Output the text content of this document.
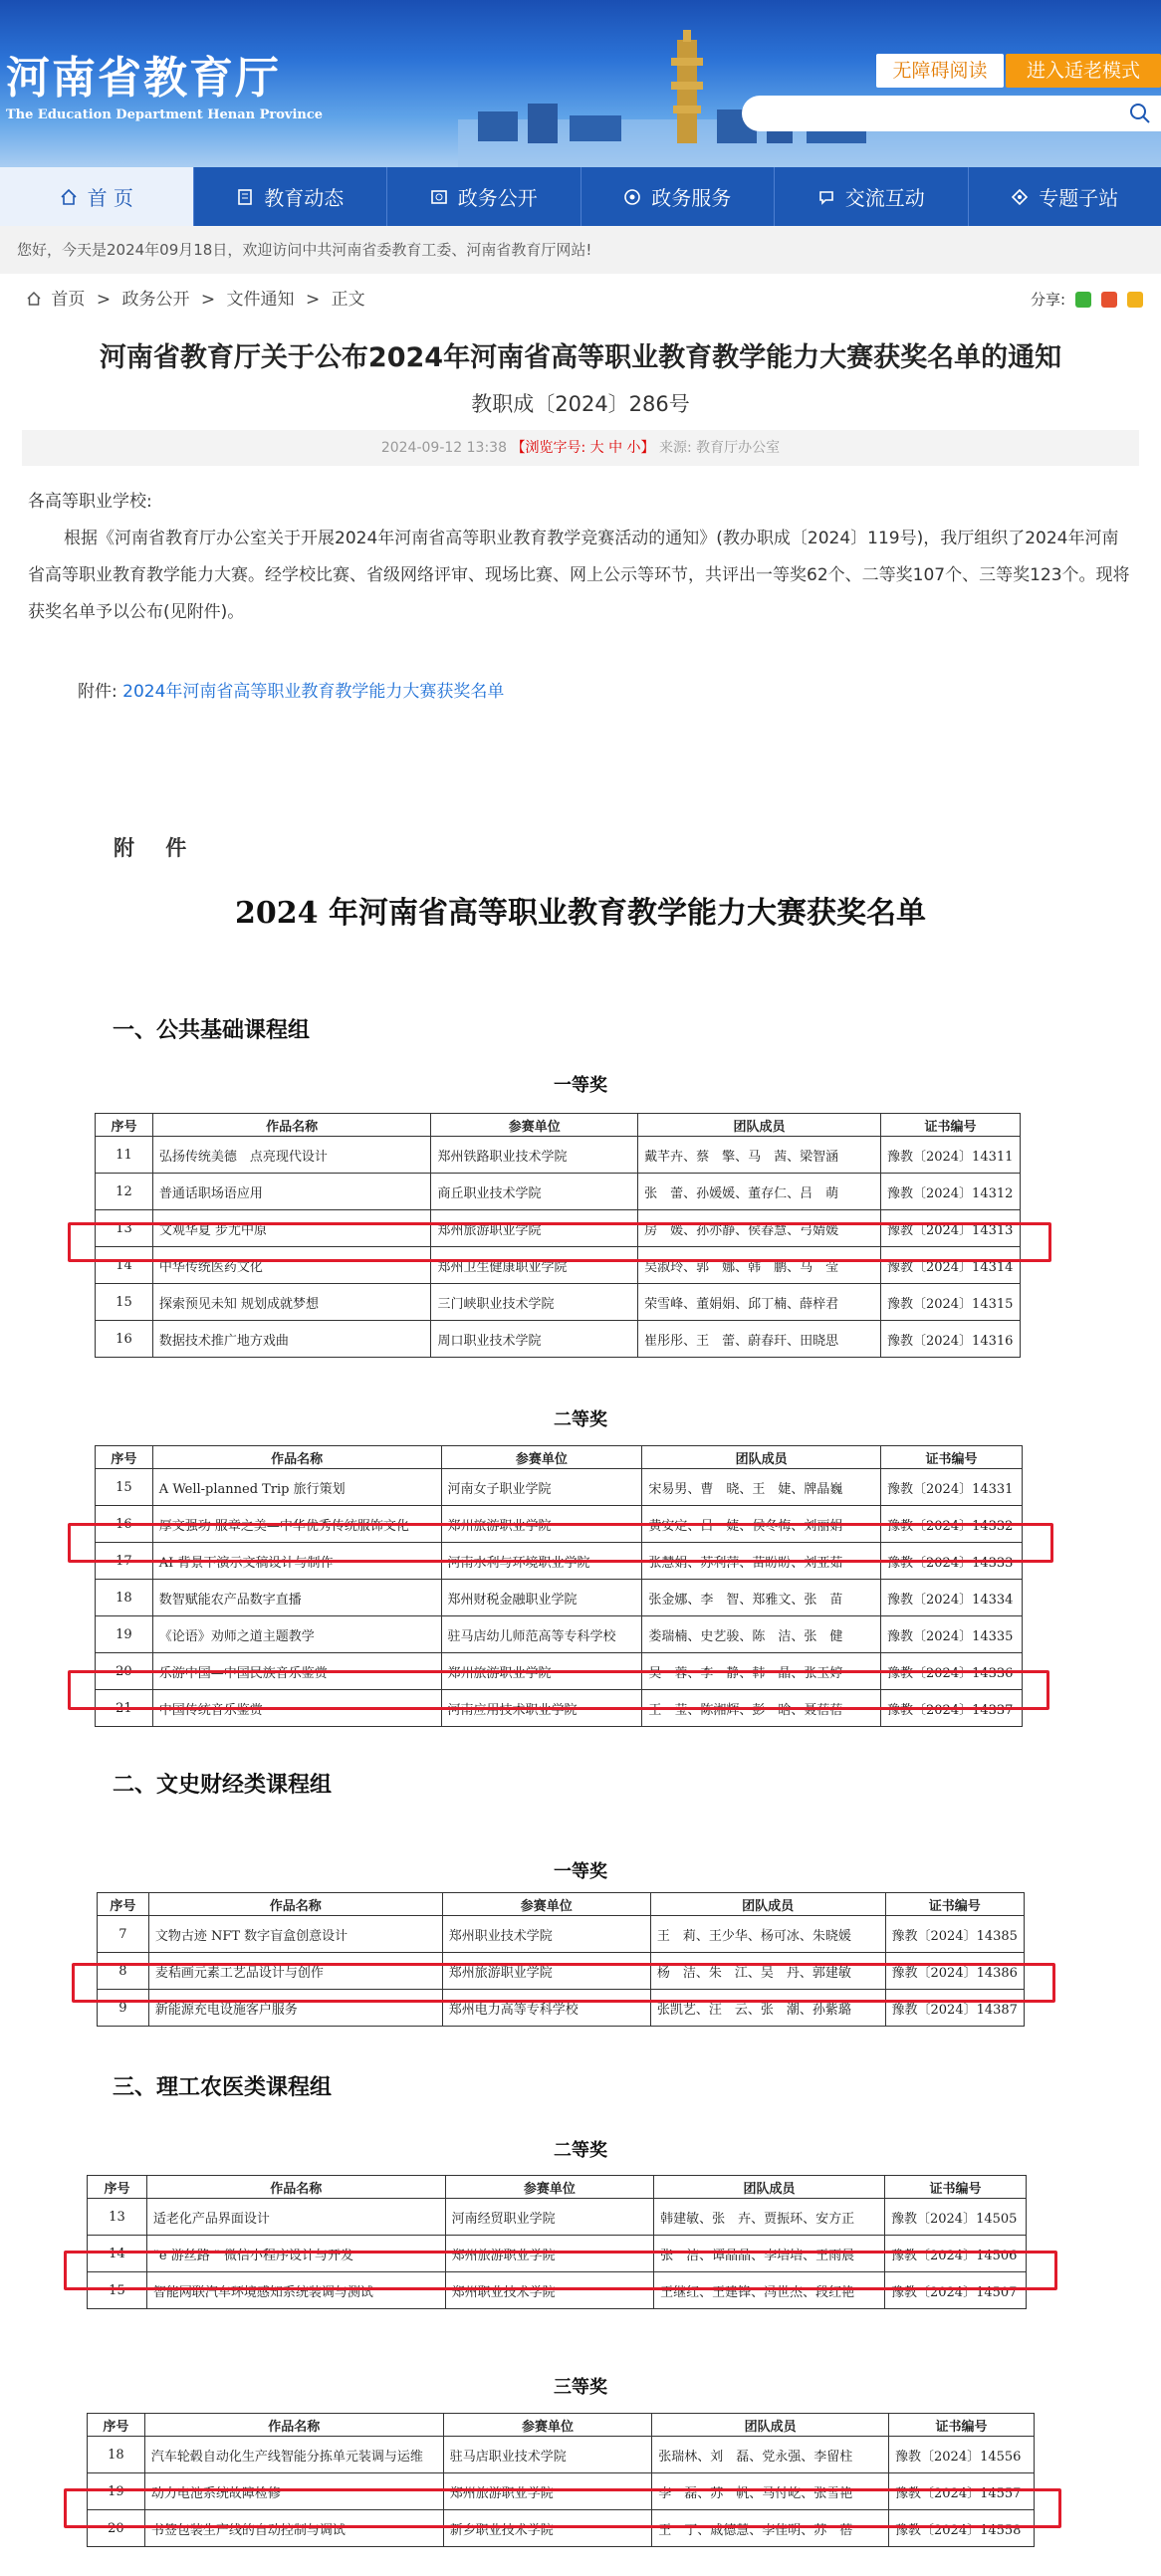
河南省教育厅
The Education Department Henan Province
无障碍阅读	进入适老模式
首 页	教育动态	政务公开	政务服务	交流互动	专题子站
您好，今天是2024年09月18日，欢迎访问中共河南省委教育工委、河南省教育厅网站!
首页 > 政务公开 > 文件通知 > 正文	分享:
河南省教育厅关于公布2024年河南省高等职业教育教学能力大赛获奖名单的通知
教职成〔2024〕286号
2024-09-12 13:38 【浏览字号: 大 中 小】 来源: 教育厅办公室
各高等职业学校:
根据《河南省教育厅办公室关于开展2024年河南省高等职业教育教学竞赛活动的通知》(教办职成〔2024〕119号)，我厅组织了2024年河南省高等职业教育教学能力大赛。经学校比赛、省级网络评审、现场比赛、网上公示等环节，共评出一等奖62个、二等奖107个、三等奖123个。现将获奖名单予以公布(见附件)。
附件: 2024年河南省高等职业教育教学能力大赛获奖名单
附 件
2024 年河南省高等职业教育教学能力大赛获奖名单
一、公共基础课程组
一等奖
序号	作品名称	参赛单位	团队成员	证书编号
11	弘扬传统美德　点亮现代设计	郑州铁路职业技术学院	戴芊卉、蔡　擎、马　茜、梁智涵	豫教〔2024〕14311
12	普通话职场语应用	商丘职业技术学院	张　蕾、孙媛媛、董存仁、吕　萌	豫教〔2024〕14312
13	文观华夏 步尤中原	郑州旅游职业学院	房　媛、孙亦静、侯春慧、弓婧媛	豫教〔2024〕14313
14	中华传统医药文化	郑州卫生健康职业学院	吴淑玲、郭　娜、韩　鹏、马　莹	豫教〔2024〕14314
15	探索预见未知 规划成就梦想	三门峡职业技术学院	荣雪峰、董娟娟、邱丁楠、薛梓君	豫教〔2024〕14315
16	数据技术推广地方戏曲	周口职业技术学院	崔彤彤、王　蕾、蔚春玕、田晓思	豫教〔2024〕14316
二等奖
序号	作品名称	参赛单位	团队成员	证书编号
15	A Well-planned Trip 旅行策划	河南女子职业学院	宋易男、曹　晓、王　婕、牌晶巍	豫教〔2024〕14331
16	厚文强功 服章之美—中华优秀传统服饰文化	郑州旅游职业学院	黄安定、吕　婕、侯冬梅、刘丽娟	豫教〔2024〕14332
17	AI 背景下演示文稿设计与制作	河南水利与环境职业学院	张慧娟、苏利萍、苗盼盼、刘亚茹	豫教〔2024〕14333
18	数智赋能农产品数字直播	郑州财税金融职业学院	张金娜、李　智、郑雅文、张　苗	豫教〔2024〕14334
19	《论语》劝师之道主题教学	驻马店幼儿师范高等专科学校	娄瑞楠、史艺骏、陈　洁、张　健	豫教〔2024〕14335
20	乐游中国—中国民族音乐鉴赏	郑州旅游职业学院	吴　蓉、李　静、韩　晶、张玉婷	豫教〔2024〕14336
21	中国传统音乐鉴赏	河南应用技术职业学院	王　莹、陈湘辉、彭　晗、聂蓓蓓	豫教〔2024〕14337
二、文史财经类课程组
一等奖
序号	作品名称	参赛单位	团队成员	证书编号
7	文物古迹 NFT 数字盲盒创意设计	郑州职业技术学院	王　莉、王少华、杨可冰、朱晓媛	豫教〔2024〕14385
8	麦秸画元素工艺品设计与创作	郑州旅游职业学院	杨　洁、朱　江、吴　丹、郭建敏	豫教〔2024〕14386
9	新能源充电设施客户服务	郑州电力高等专科学校	张凯艺、汪　云、张　潮、孙紫璐	豫教〔2024〕14387
三、理工农医类课程组
二等奖
序号	作品名称	参赛单位	团队成员	证书编号
13	适老化产品界面设计	河南经贸职业学院	韩建敏、张　卉、贾振环、安方正	豫教〔2024〕14505
14	"e 游丝路 " 微信小程序设计与开发	郑州旅游职业学院	张　洁、谭晶晶、李培培、王雨晨	豫教〔2024〕14506
15	智能网联汽车环境感知系统装调与测试	郑州职业技术学院	王继红、王建锋、冯世杰、段红艳	豫教〔2024〕14507
三等奖
序号	作品名称	参赛单位	团队成员	证书编号
18	汽车轮毂自动化生产线智能分拣单元装调与运维	驻马店职业技术学院	张瑞林、刘　磊、党永强、李留柱	豫教〔2024〕14556
19	动力电池系统故障检修	郑州旅游职业学院	李　磊、苏　帆、马付屹、张雪艳	豫教〔2024〕14557
20	书签包装生产线的自动控制与调试	新乡职业技术学院	王　丁、戚德慧、李佳明、苏　蓓	豫教〔2024〕14558
